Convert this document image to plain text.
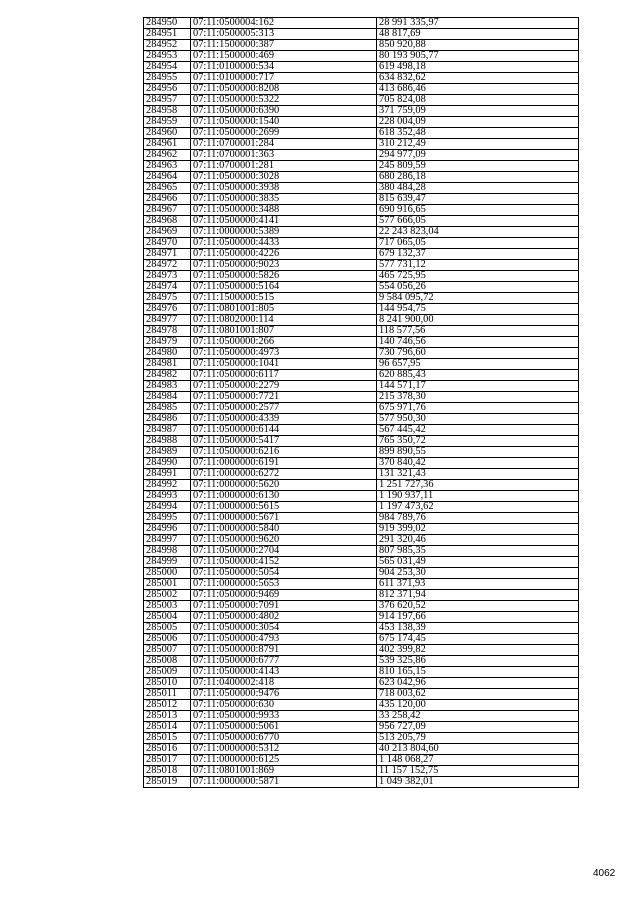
284950	07:11:0500004:162	28 991 335,97
284951	07:11:0500005:313	48 817,69
284952	07:11:1500000:387	850 920,88
284953	07:11:1500000:469	80 193 905,77
284954	07:11:0100000:534	619 498,18
284955	07:11:0100000:717	634 832,62
284956	07:11:0500000:8208	413 686,46
284957	07:11:0500000:5322	705 824,08
284958	07:11:0500000:6390	371 759,09
284959	07:11:0500000:1540	228 004,09
284960	07:11:0500000:2699	618 352,48
284961	07:11:0700001:284	310 212,49
284962	07:11:0700001:363	294 977,09
284963	07:11:0700001:281	245 809,59
284964	07:11:0500000:3028	680 286,18
284965	07:11:0500000:3938	380 484,28
284966	07:11:0500000:3835	815 639,47
284967	07:11:0500000:3488	690 916,65
284968	07:11:0500000:4141	577 666,05
284969	07:11:0000000:5389	22 243 823,04
284970	07:11:0500000:4433	717 065,05
284971	07:11:0500000:4226	679 132,37
284972	07:11:0500000:9023	577 731,12
284973	07:11:0500000:5826	465 725,95
284974	07:11:0500000:5164	554 056,26
284975	07:11:1500000:515	9 584 095,72
284976	07:11:0801001:805	144 954,75
284977	07:11:0802000:114	8 241 900,00
284978	07:11:0801001:807	118 577,56
284979	07:11:0500000:266	140 746,56
284980	07:11:0500000:4973	730 796,60
284981	07:11:0500000:1041	96 657,95
284982	07:11:0500000:6117	620 885,43
284983	07:11:0500000:2279	144 571,17
284984	07:11:0500000:7721	215 378,30
284985	07:11:0500000:2577	675 971,76
284986	07:11:0500000:4339	577 950,30
284987	07:11:0500000:6144	567 445,42
284988	07:11:0500000:5417	765 350,72
284989	07:11:0500000:6216	899 890,55
284990	07:11:0000000:6191	370 840,42
284991	07:11:0000000:6272	131 321,43
284992	07:11:0000000:5620	1 251 727,36
284993	07:11:0000000:6130	1 190 937,11
284994	07:11:0000000:5615	1 197 473,62
284995	07:11:0000000:5671	984 789,76
284996	07:11:0000000:5840	919 399,02
284997	07:11:0500000:9620	291 320,46
284998	07:11:0500000:2704	807 985,35
284999	07:11:0500000:4152	565 031,49
285000	07:11:0500000:5054	904 253,30
285001	07:11:0000000:5653	611 371,93
285002	07:11:0500000:9469	812 371,94
285003	07:11:0500000:7091	376 620,52
285004	07:11:0500000:4802	914 197,66
285005	07:11:0500000:3054	453 138,39
285006	07:11:0500000:4793	675 174,45
285007	07:11:0500000:8791	402 399,82
285008	07:11:0500000:6777	539 325,86
285009	07:11:0500000:4143	810 165,15
285010	07:11:0400002:418	623 042,96
285011	07:11:0500000:9476	718 003,62
285012	07:11:0500000:630	435 120,00
285013	07:11:0500000:9933	33 258,42
285014	07:11:0500000:5061	956 727,09
285015	07:11:0500000:6770	513 205,79
285016	07:11:0000000:5312	40 213 804,60
285017	07:11:0000000:6125	1 148 068,27
285018	07:11:0801001:869	11 157 152,75
285019	07:11:0000000:5871	1 049 382,01
4062
